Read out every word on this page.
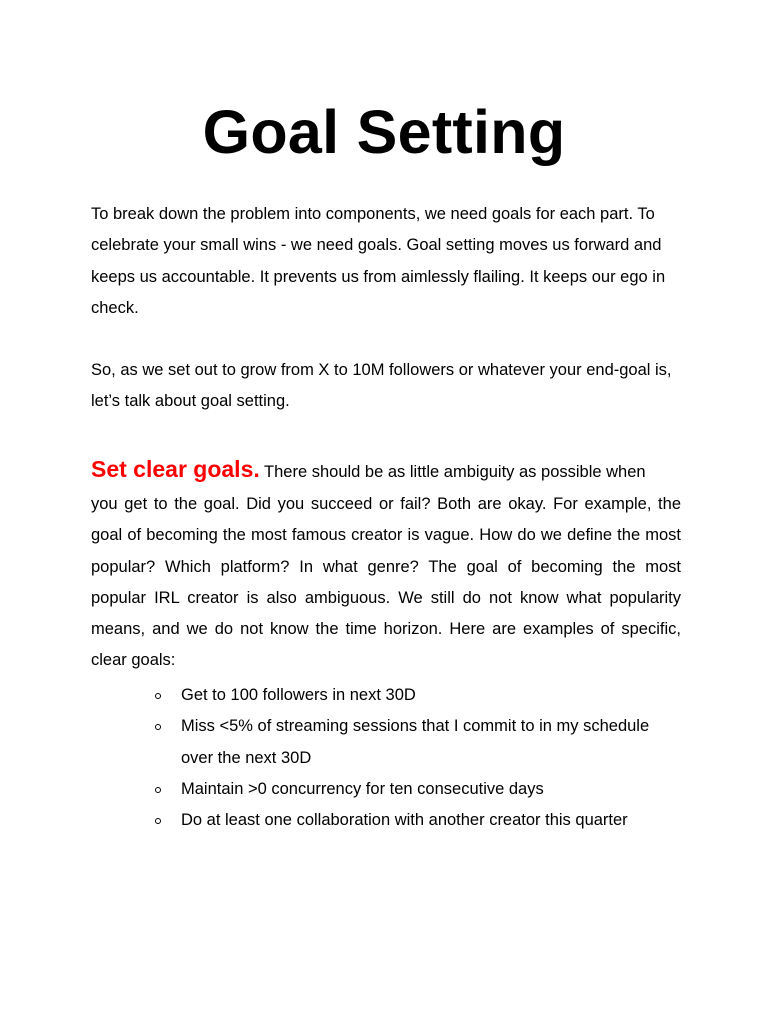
Goal Setting

To break down the problem into components, we need goals for each part. To celebrate your small wins - we need goals. Goal setting moves us forward and keeps us accountable. It prevents us from aimlessly flailing. It keeps our ego in check.

So, as we set out to grow from X to 10M followers or whatever your end-goal is, let’s talk about goal setting.

Set clear goals. There should be as little ambiguity as possible when
you get to the goal. Did you succeed or fail? Both are okay. For example, the goal of becoming the most famous creator is vague. How do we define the most popular? Which platform? In what genre? The goal of becoming the most popular IRL creator is also ambiguous. We still do not know what popularity means, and we do not know the time horizon. Here are examples of specific, clear goals:

Get to 100 followers in next 30D
Miss <5% of streaming sessions that I commit to in my schedule over the next 30D
Maintain >0 concurrency for ten consecutive days
Do at least one collaboration with another creator this quarter
